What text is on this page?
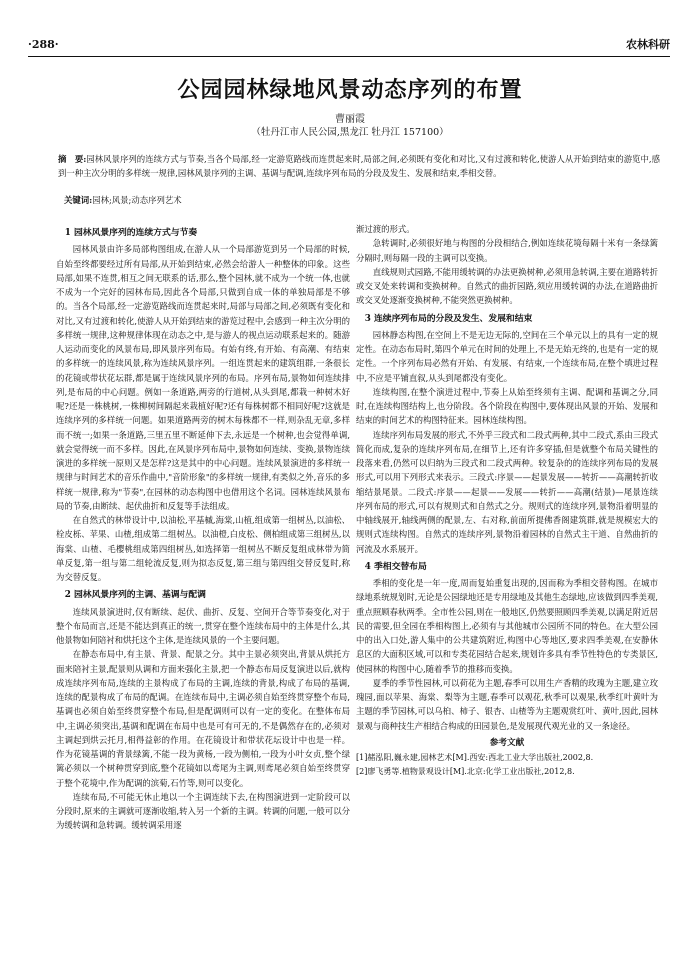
·288·	农林科研
公园园林绿地风景动态序列的布置
曹丽霞
（牡丹江市人民公园,黑龙江 牡丹江 157100）
摘　要:园林风景序列的连续方式与节奏,当各个局部,经一定游览路线而连贯起来时,局部之间,必须既有变化和对比,又有过渡和转化,使游人从开始到结束的游览中,感到一种主次分明的多样统一规律,园林风景序列的主调、基调与配调,连续序列布局的分段及发生、发展和结束,季相交替。
关键词:园林;风景;动态序列艺术
1 园林风景序列的连续方式与节奏

园林风景由许多局部构图组成,在游人从一个局部游览到另一个局部的时候,自始至终都要经过所有局部,从开始到结束,必然会给游人一种整体的印象。这些局部,如果不连贯,相互之间无联系的话,那么,整个园林,就不成为一个统一体,也就不成为一个完好的园林布局,因此各个局部,只做到自成一体的单独局部是不够的。当各个局部,经一定游览路线而连贯起来时,局部与局部之间,必须既有变化和对比,又有过渡和转化,使游人从开始到结束的游览过程中,会感到一种主次分明的多样统一规律,这种规律体现在动态之中,是与游人的视点运动联系起来的。随游人运动而变化的风景布局,即风景序列布局。有始有终,有开始、有高潮、有结束的多样统一的连续风景,称为连续风景序列。一组连贯起来的建筑组群,一条很长的花镜或带状花坛群,都是属于连续风景序列的布局。序列布局,景物如何连续排列,是布局的中心问题。例如一条道路,两旁的行道树,从头到尾,都栽一种树木好呢?还是一株桃树,一株柳树间隔起来栽植好呢?还有每株树都不相同好呢?这就是连续序列的多样统一问题。如果道路两旁的树木每株都不一样,则杂乱无章,多样而不统一;如果一条道路,三里五里不断延伸下去,永远是一个树种,也会觉得单调,就会觉得统一而不多样。因此,在风景序列布局中,景物如何连续、变换,景物连续演进的多样统一原则又是怎样?这是其中的中心问题。连续风景演进的多样统一规律与时间艺术的音乐作曲中,"音阶形象"的多样统一规律,有类似之外,音乐的多样统一规律,称为"节奏",在园林的动态构图中也借用这个名词。园林连续风景布局的节奏,由断续、起伏曲折和反复等手法组成。

在自然式的林带设计中,以油松,平基槭,海棠,山植,组成第一组树丛,以油松、栓皮栎、苹果、山楂,组成第二组树丛。以油橙,白皮松、侧柏组成第三组树丛,以海棠、山楂、毛樱桃组成第四组树丛,如选择第一组树丛不断反复组成林带为简单反复,第一组与第二组轮流反复,则为拟态反复,第三组与第四组交替反复时,称为交替反复。

2 园林风景序列的主调、基调与配调

连续风景演进时,仅有断续、起伏、曲折、反复、空间开合等节奏变化,对于整个布局而言,还是不能达到真正的统一,贯穿在整个连续布局中的主体是什么,其他景物如何陪衬和烘托这个主体,是连续风景的一个主要问题。

在静态布局中,有主景、背景、配景之分。其中主景必须突出,背景从烘托方面来陪衬主景,配景则从调和方面来强化主景,把一个静态布局反复演进以后,就构成连续序列布局,连续的主景构成了布局的主调,连续的背景,构成了布局的基调,连续的配景构成了布局的配调。在连续布局中,主调必须自始至终贯穿整个布局,基调也必须自始至终贯穿整个布局,但是配调则可以有一定的变化。在整体布局中,主调必须突出,基调和配调在布局中也是可有可无的,不是偶然存在的,必须对主调起到烘云托月,相得益彰的作用。在花镜设计和带状花坛设计中也是一样。作为花镜基调的背景绿篱,不能一段为黄杨,一段为侧柏,一段为小叶女贞,整个绿篱必须以一个树种贯穿到底,整个花镜如以鸢尾为主调,则鸢尾必须自始至终贯穿于整个花境中,作为配调的滨菊,石竹等,则可以变化。

连续布局,不可能无休止地以一个主调连续下去,在构图演进到一定阶段可以分段时,原来的主调就可逐渐收缩,转入另一个新的主调。转调的问题,一般可以分为缓转调和急转调。缓转调采用逐

渐过渡的形式。

急转调时,必须很好地与构图的分段相结合,例如连续花境每隔十米有一条绿篱分隔时,则每隔一段的主调可以变换。

直线规则式园路,不能用缓转调的办法更换树种,必须用急转调,主要在道路转折或交叉处来转调和变换树种。自然式的曲折园路,须应用缓转调的办法,在道路曲折或交叉处逐渐变换树种,不能突然更换树种。

3 连续序列布局的分段及发生、发展和结束

园林静态构图,在空间上不是无边无际的,空间在三个单元以上的具有一定的规定性。在动态布局时,第四个单元在时间的处理上,不是无始无终的,也是有一定的规定性。一个序列布局必然有开始、有发展、有结束,一个连续布局,在整个填进过程中,不应是平铺直叙,从头到尾都没有变化。

连续构图,在整个演进过程中,节奏上从始至终须有主调、配调和基调之分,同时,在连续构图结构上,也分阶段。各个阶段在构图中,要体现出风景的开始、发展和结束的时间艺术的构图特征来。园林连续构图。

连续序列布局发展的形式,不外乎三段式和二段式两种,其中二段式,系由三段式简化而成,复杂的连续序列布局,在细节上,还有许多穿插,但是就整个布局关键性的段落来看,仍然可以归纳为三段式和二段式两种。较复杂的的连续序列布局的发展形式,可以用下列形式来表示。三段式:序景——起景发展——转折——高潮转折收缩结景尾景。二段式:序景——起景——发展——转折——高潮(结景)—尾景连续序列布局的形式,可以有规则式和自然式之分。规则式的连续序列,景物沿着明显的中轴线展开,轴线两侧的配景,左、右对称,前面所提佛香阁建筑群,就是规模宏大的规则式连续构图。自然式的连续序列,景物沿着园林的自然式主干道、自然曲折的河流及水系展开。

4 季相交替布局

季相的变化是一年一度,周而复始重复出现的,因而称为季相交替构图。在城市绿地系统规划时,无论是公园绿地还是专用绿地及其他生态绿地,应该做到四季美观,重点照顾春秋两季。全市性公园,则在一般地区,仍然要照顾四季美观,以满足附近居民的需要,但全园在季相构图上,必须有与其他城市公园所不同的特色。在大型公园中的出入口处,游人集中的公共建筑附近,构图中心等地区,要求四季美观,在安静休息区的大面积区域,可以和专类花园结合起来,规划许多具有季节性特色的专类景区,使园林的构图中心,随着季节的推移而变换。

夏季的季节性园林,可以荷花为主题,春季可以用生产香精的玫瑰为主题,建立玫瑰园,面以苹果、海棠、梨等为主题,春季可以观花,秋季可以观果,秋季红叶黄叶为主题的季节园林,可以乌桕、柿子、银杏、山楂等为主题观赏红叶、黄叶,因此,园林景观与商种技生产相结合构成的田园景色,是发展现代观光业的又一条途径。

参考文献

[1]赭泓阳,巍永建,园林艺术[M].西安:西北工业大学出版社,2002,8.

[2]廖飞勇等.植物景观设计[M].北京:化学工业出版社,2012,8.
